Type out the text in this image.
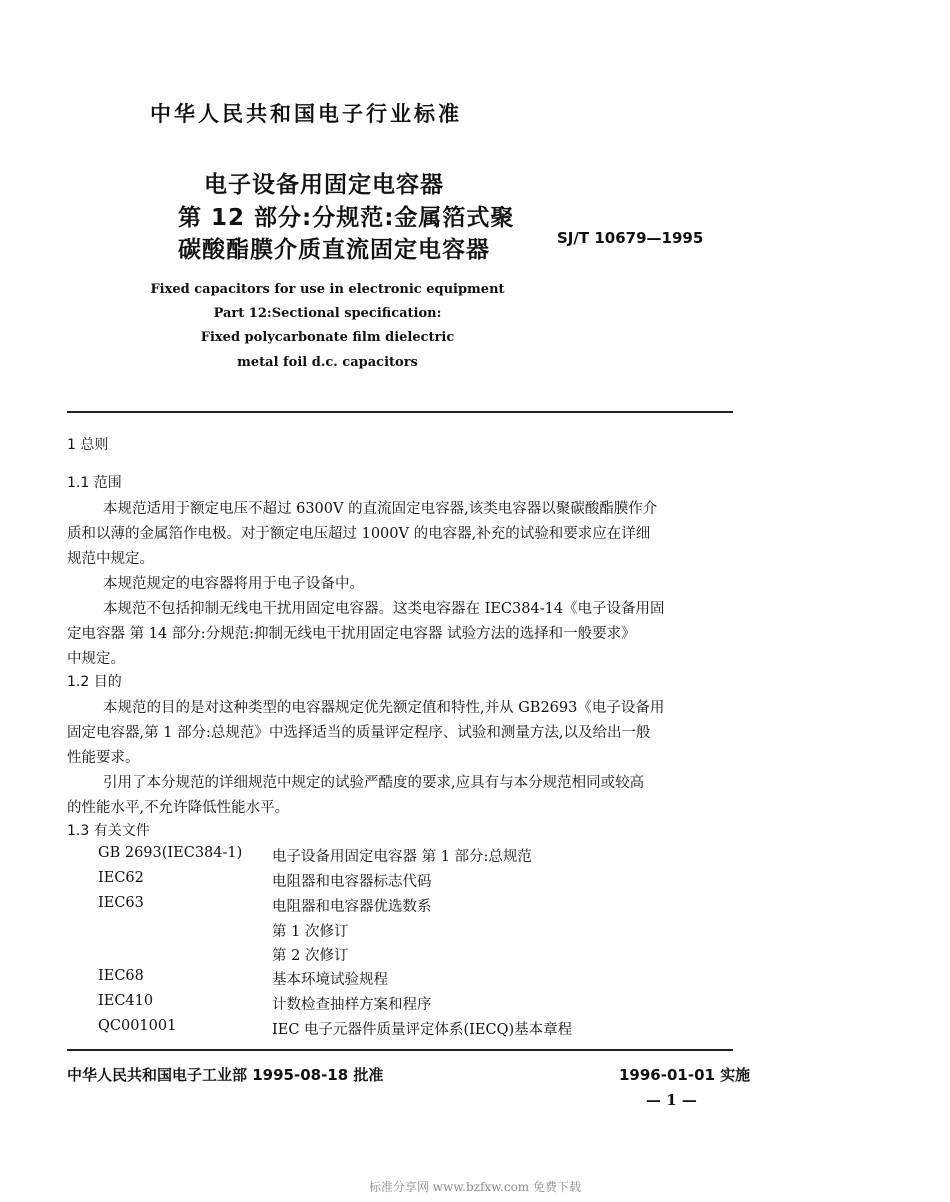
中华人民共和国电子行业标准
电子设备用固定电容器
第 12 部分:分规范:金属箔式聚
碳酸酯膜介质直流固定电容器	SJ/T 10679—1995
Fixed capacitors for use in electronic equipment
Part 12:Sectional specification:
Fixed polycarbonate film dielectric
metal foil d.c. capacitors
1 总则
1.1 范围
本规范适用于额定电压不超过 6300V 的直流固定电容器,该类电容器以聚碳酸酯膜作介
质和以薄的金属箔作电极。对于额定电压超过 1000V 的电容器,补充的试验和要求应在详细
规范中规定。
本规范规定的电容器将用于电子设备中。
本规范不包括抑制无线电干扰用固定电容器。这类电容器在 IEC384-14《电子设备用固
定电容器 第 14 部分:分规范:抑制无线电干扰用固定电容器 试验方法的选择和一般要求》
中规定。
1.2 目的
本规范的目的是对这种类型的电容器规定优先额定值和特性,并从 GB2693《电子设备用
固定电容器,第 1 部分:总规范》中选择适当的质量评定程序、试验和测量方法,以及给出一般
性能要求。
引用了本分规范的详细规范中规定的试验严酷度的要求,应具有与本分规范相同或较高
的性能水平,不允许降低性能水平。
1.3 有关文件
GB 2693(IEC384-1) 电子设备用固定电容器 第 1 部分:总规范
IEC62	电阻器和电容器标志代码
IEC63	电阻器和电容器优选数系
第 1 次修订
第 2 次修订
IEC68	基本环境试验规程
IEC410	计数检查抽样方案和程序
QC001001	IEC 电子元器件质量评定体系(IECQ)基本章程
中华人民共和国电子工业部 1995-08-18 批准	1996-01-01 实施
— 1 —
标准分享网 www.bzfxw.com 免费下载
